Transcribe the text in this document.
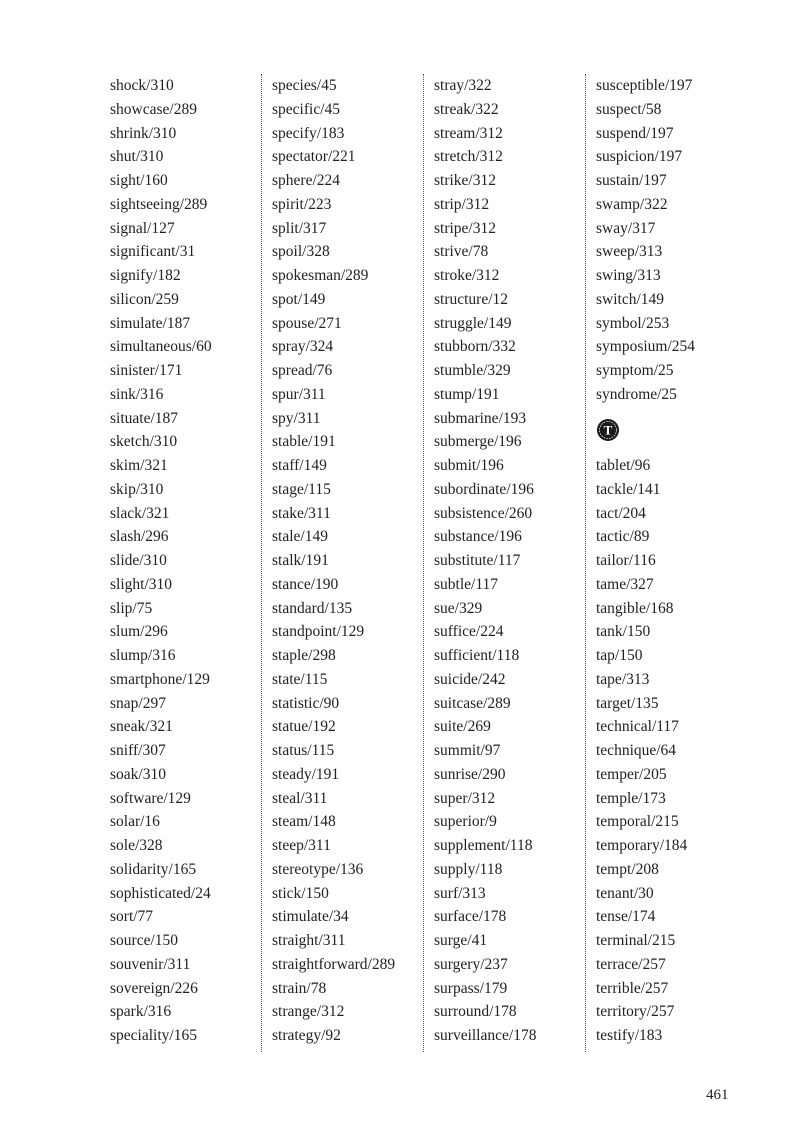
shock/310
showcase/289
shrink/310
shut/310
sight/160
sightseeing/289
signal/127
significant/31
signify/182
silicon/259
simulate/187
simultaneous/60
sinister/171
sink/316
situate/187
sketch/310
skim/321
skip/310
slack/321
slash/296
slide/310
slight/310
slip/75
slum/296
slump/316
smartphone/129
snap/297
sneak/321
sniff/307
soak/310
software/129
solar/16
sole/328
solidarity/165
sophisticated/24
sort/77
source/150
souvenir/311
sovereign/226
spark/316
speciality/165
species/45
specific/45
specify/183
spectator/221
sphere/224
spirit/223
split/317
spoil/328
spokesman/289
spot/149
spouse/271
spray/324
spread/76
spur/311
spy/311
stable/191
staff/149
stage/115
stake/311
stale/149
stalk/191
stance/190
standard/135
standpoint/129
staple/298
state/115
statistic/90
statue/192
status/115
steady/191
steal/311
steam/148
steep/311
stereotype/136
stick/150
stimulate/34
straight/311
straightforward/289
strain/78
strange/312
strategy/92
stray/322
streak/322
stream/312
stretch/312
strike/312
strip/312
stripe/312
strive/78
stroke/312
structure/12
struggle/149
stubborn/332
stumble/329
stump/191
submarine/193
submerge/196
submit/196
subordinate/196
subsistence/260
substance/196
substitute/117
subtle/117
sue/329
suffice/224
sufficient/118
suicide/242
suitcase/289
suite/269
summit/97
sunrise/290
super/312
superior/9
supplement/118
supply/118
surf/313
surface/178
surge/41
surgery/237
surpass/179
surround/178
surveillance/178
susceptible/197
suspect/58
suspend/197
suspicion/197
sustain/197
swamp/322
sway/317
sweep/313
swing/313
switch/149
symbol/253
symposium/254
symptom/25
syndrome/25
T
tablet/96
tackle/141
tact/204
tactic/89
tailor/116
tame/327
tangible/168
tank/150
tap/150
tape/313
target/135
technical/117
technique/64
temper/205
temple/173
temporal/215
temporary/184
tempt/208
tenant/30
tense/174
terminal/215
terrace/257
terrible/257
territory/257
testify/183
461
